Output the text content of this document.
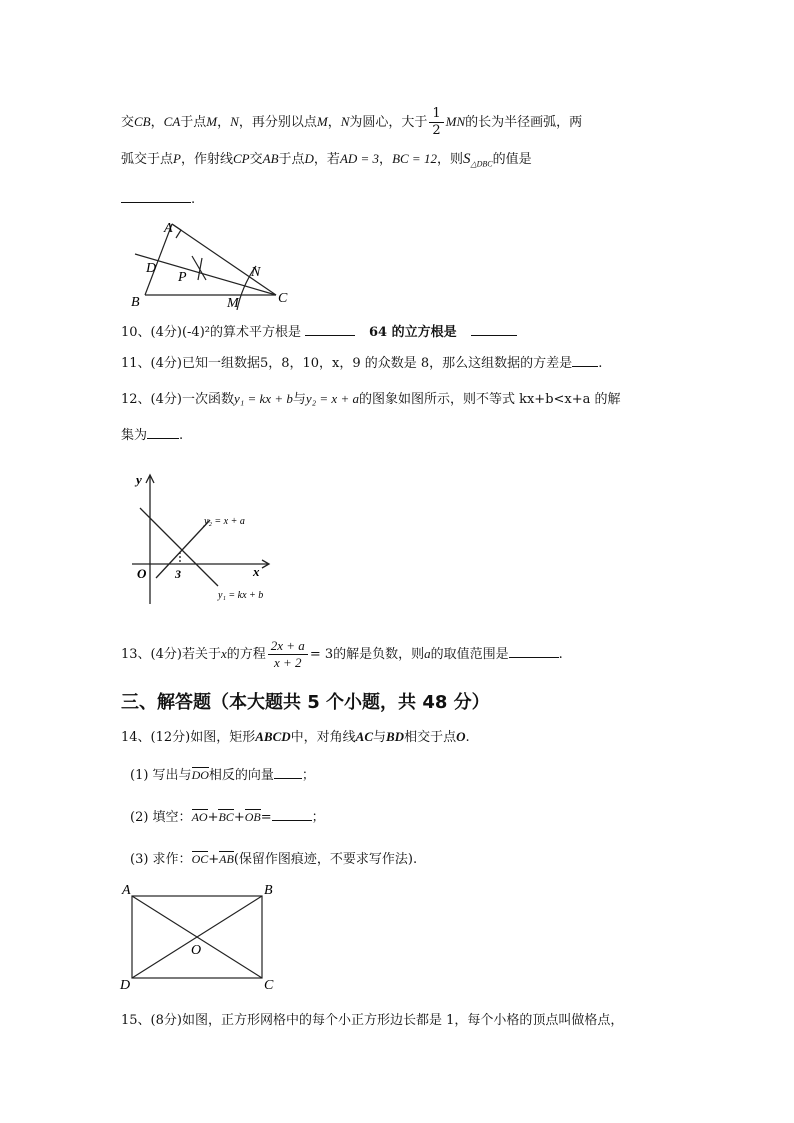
交CB，CA于点M，N，再分别以点M，N为圆心，大于 $\frac{1}{2}$ MN的长为半径画弧，两
弧交于点P，作射线CP交AB于点D，若AD = 3，BC = 12，则$S_{\triangle DBC}$的值是
.
A
B	C
D
P
M
N
10、(4分)(-4)²的算术平方根是	64 的立方根是
11、(4分)已知一组数据5，8，10，x，9 的众数是 8，那么这组数据的方差是 .
12、(4分)一次函数y₁ = kx + b与y₂ = x + a的图象如图所示，则不等式 kx+b<x+a 的解
集为 .
y
x
O 3
y₂ = x + a
y₁ = kx + b
13、(4分)若关于x的方程 $\frac{2x + a}{x + 2} = 3$的解是负数，则a的取值范围是	.
三、解答题（本大题共 5 个小题，共 48 分）
14、(12分)如图，矩形ABCD中，对角线AC与BD相交于点O.
(1) 写出与DO相反的向量 ；
(2) 填空：AO+BC+OB=	；
(3) 求作：OC+AB(保留作图痕迹，不要求写作法).
A	B
C
D
O
15、(8分)如图，正方形网格中的每个小正方形边长都是 1，每个小格的顶点叫做格点，
